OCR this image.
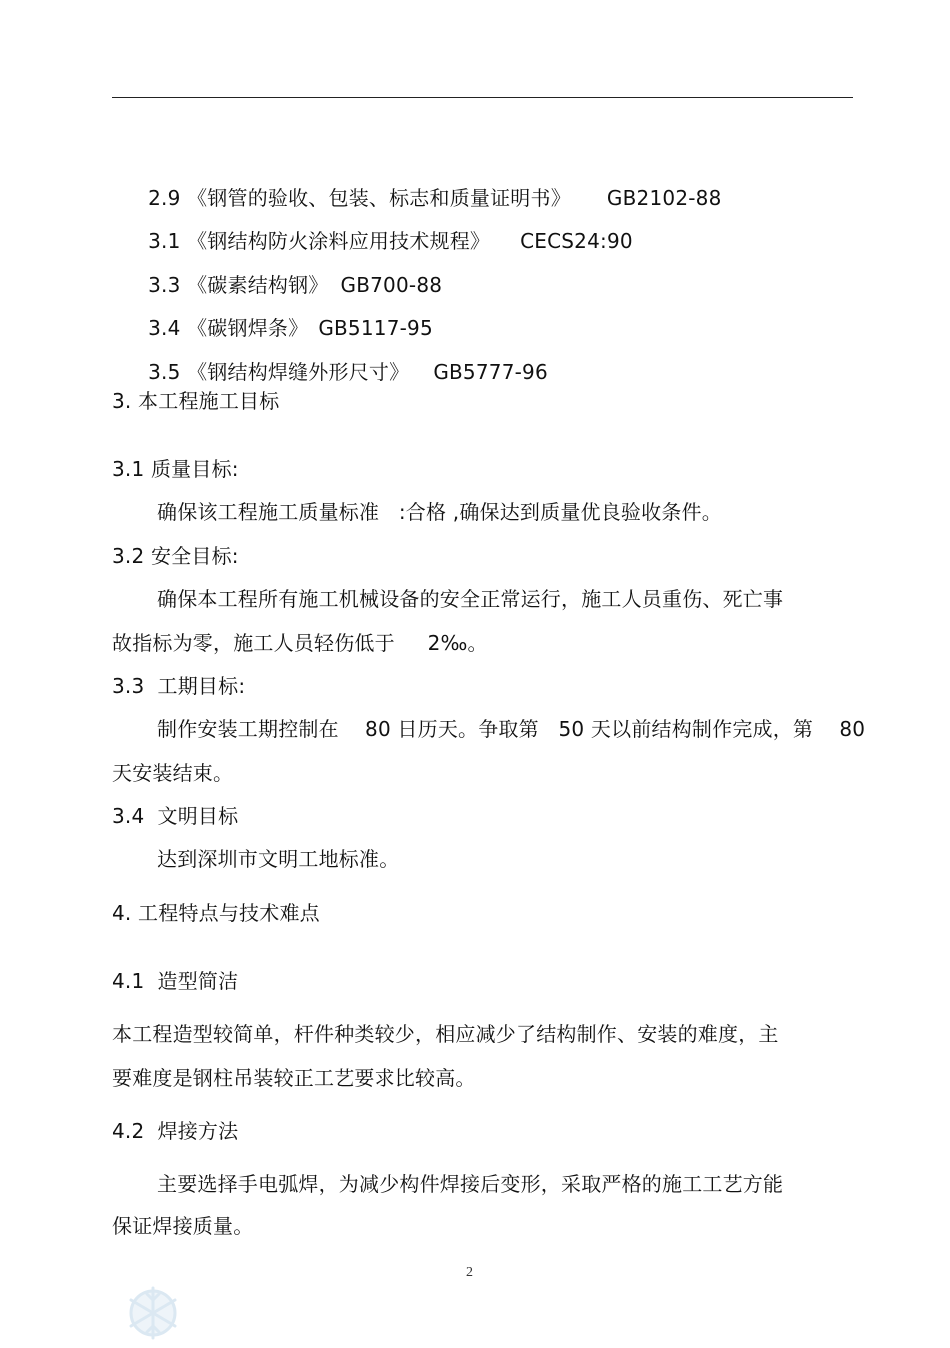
2.9 《钢管的验收、包装、标志和质量证明书》 GB2102-88

3.1 《钢结构防火涂料应用技术规程》 CECS24:90

3.3 《碳素结构钢》 GB700-88

3.4 《碳钢焊条》 GB5117-95

3.5 《钢结构焊缝外形尺寸》 GB5777-96

3. 本工程施工目标
3.1 质量目标:
确保该工程施工质量标准   :合格 ,确保达到质量优良验收条件。
3.2 安全目标:
确保本工程所有施工机械设备的安全正常运行，施工人员重伤、死亡事
故指标为零，施工人员轻伤低于     2‰。
3.3  工期目标:
制作安装工期控制在    80 日历天。争取第   50 天以前结构制作完成，第    80
天安装结束。
3.4  文明目标
达到深圳市文明工地标准。
4. 工程特点与技术难点
4.1  造型简洁
本工程造型较简单，杆件种类较少，相应减少了结构制作、安装的难度，主
要难度是钢柱吊装较正工艺要求比较高。
4.2  焊接方法
主要选择手电弧焊，为减少构件焊接后变形，采取严格的施工工艺方能
保证焊接质量。
2
